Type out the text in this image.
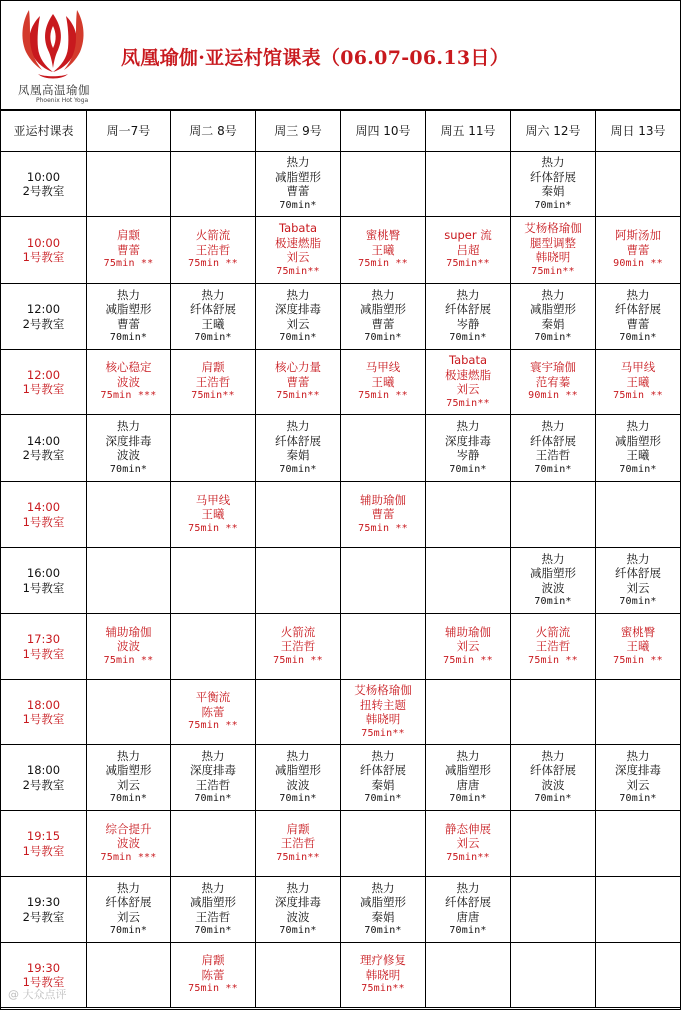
凤凰高温瑜伽
Phoenix Hot Yoga
凤凰瑜伽·亚运村馆课表（06.07-06.13日）
亚运村课表	周一7号	周二 8号	周三 9号	周四 10号	周五 11号	周六 12号	周日 13号

10:00
2号教室			热力
减脂塑形
曹蕾
70min*			热力
纤体舒展
秦娟
70min*	

10:00
1号教室	肩颥
曹蕾
75min **	火箭流
王浩哲
75min **	Tabata
极速燃脂
刘云
75min**	蜜桃臀
王曦
75min **	super 流
吕超
75min**	艾杨格瑜伽
腿型调整
韩晓明
75min**	阿斯汤加
曹蕾
90min **

12:00
2号教室	热力
减脂塑形
曹蕾
70min*	热力
纤体舒展
王曦
70min*	热力
深度排毒
刘云
70min*	热力
减脂塑形
曹蕾
70min*	热力
纤体舒展
岑静
70min*	热力
减脂塑形
秦娟
70min*	热力
纤体舒展
曹蕾
70min*

12:00
1号教室	核心稳定
波波
75min ***	肩颥
王浩哲
75min**	核心力量
曹蕾
75min**	马甲线
王曦
75min **	Tabata
极速燃脂
刘云
75min**	寰宇瑜伽
范宥蓁
90min **	马甲线
王曦
75min **

14:00
2号教室	热力
深度排毒
波波
70min*		热力
纤体舒展
秦娟
70min*		热力
深度排毒
岑静
70min*	热力
纤体舒展
王浩哲
70min*	热力
减脂塑形
王曦
70min*

14:00
1号教室		马甲线
王曦
75min **		辅助瑜伽
曹蕾
75min **			

16:00
1号教室						热力
减脂塑形
波波
70min*	热力
纤体舒展
刘云
70min*

17:30
1号教室	辅助瑜伽
波波
75min **		火箭流
王浩哲
75min **		辅助瑜伽
刘云
75min **	火箭流
王浩哲
75min **	蜜桃臀
王曦
75min **

18:00
1号教室		平衡流
陈蕾
75min **		艾杨格瑜伽
扭转主题
韩晓明
75min**			

18:00
2号教室	热力
减脂塑形
刘云
70min*	热力
深度排毒
王浩哲
70min*	热力
减脂塑形
波波
70min*	热力
纤体舒展
秦娟
70min*	热力
减脂塑形
唐唐
70min*	热力
纤体舒展
波波
70min*	热力
深度排毒
刘云
70min*

19:15
1号教室	综合提升
波波
75min ***		肩颥
王浩哲
75min**		静态伸展
刘云
75min**		

19:30
2号教室	热力
纤体舒展
刘云
70min*	热力
减脂塑形
王浩哲
70min*	热力
深度排毒
波波
70min*	热力
减脂塑形
秦娟
70min*	热力
纤体舒展
唐唐
70min*		

19:30
1号教室		肩颥
陈蕾
75min **		理疗修复
韩晓明
75min**			

@ 大众点评
